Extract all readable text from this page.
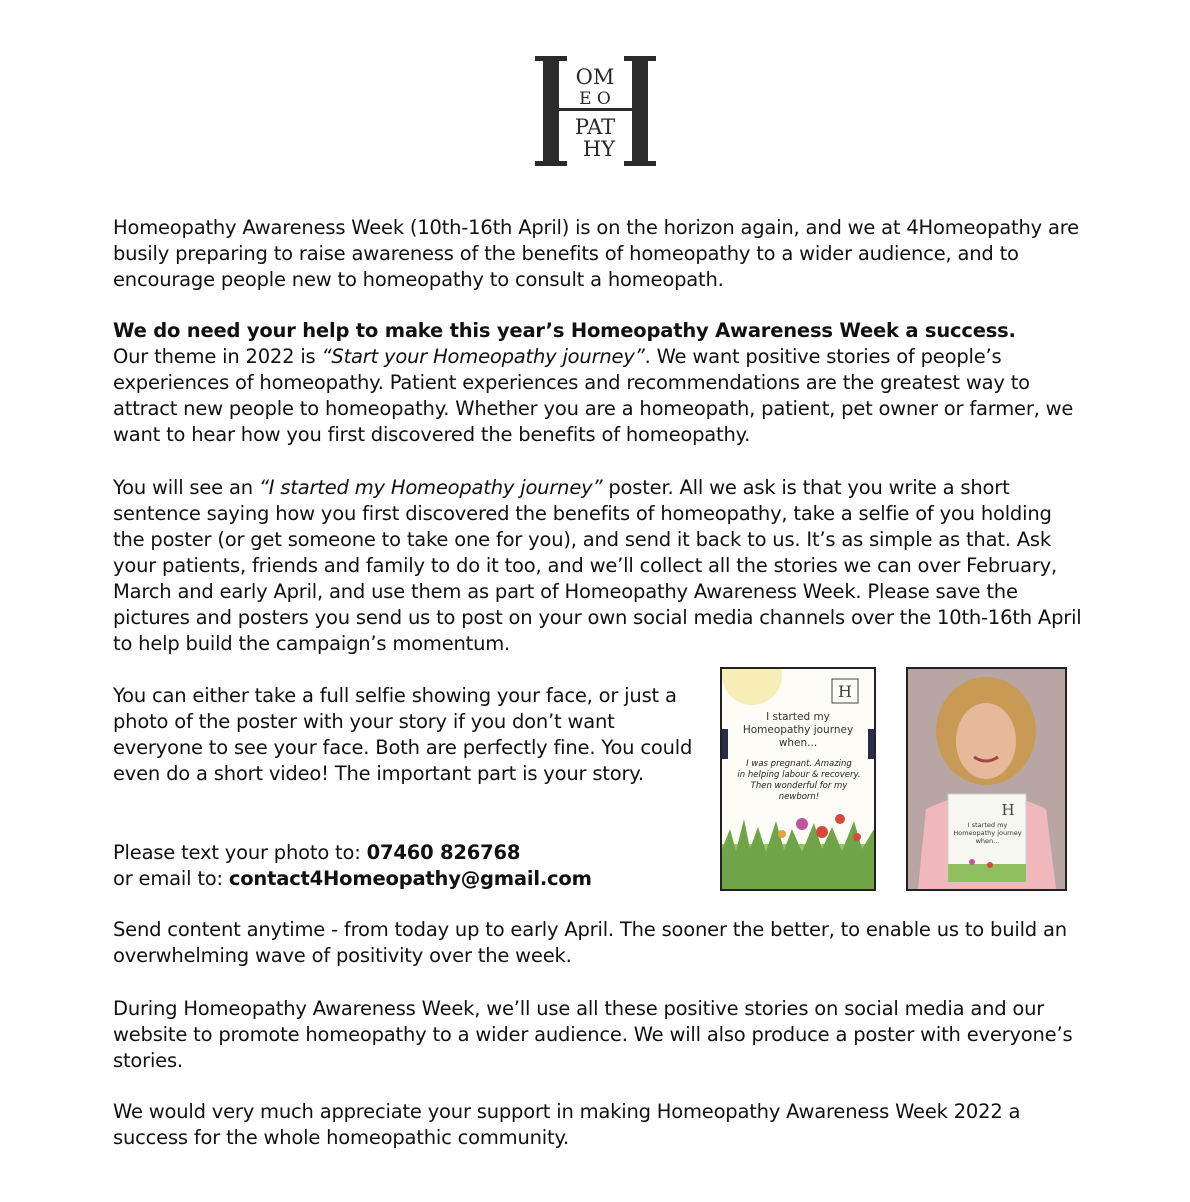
OM
E O
PAT
HY

Homeopathy Awareness Week (10th-16th April) is on the horizon again, and we at 4Homeopathy are busily preparing to raise awareness of the benefits of homeopathy to a wider audience, and to encourage people new to homeopathy to consult a homeopath.

We do need your help to make this year’s Homeopathy Awareness Week a success.

Our theme in 2022 is “Start your Homeopathy journey”. We want positive stories of people’s experiences of homeopathy. Patient experiences and recommendations are the greatest way to attract new people to homeopathy. Whether you are a homeopath, patient, pet owner or farmer, we want to hear how you first discovered the benefits of homeopathy.

You will see an “I started my Homeopathy journey” poster. All we ask is that you write a short sentence saying how you first discovered the benefits of homeopathy, take a selfie of you holding the poster (or get someone to take one for you), and send it back to us. It’s as simple as that. Ask your patients, friends and family to do it too, and we’ll collect all the stories we can over February, March and early April, and use them as part of Homeopathy Awareness Week. Please save the pictures and posters you send us to post on your own social media channels over the 10th-16th April to help build the campaign’s momentum.

You can either take a full selfie showing your face, or just a photo of the poster with your story if you don’t want everyone to see your face. Both are perfectly fine. You could even do a short video! The important part is your story.

Please text your photo to: 07460 826768

or email to: contact4Homeopathy@gmail.com

H
I started my
Homeopathy journey
when...
I was pregnant. Amazing
in helping labour & recovery.
Then wonderful for my newborn!
H
I started my
Homeopathy journey
when...

Send content anytime - from today up to early April. The sooner the better, to enable us to build an overwhelming wave of positivity over the week.

During Homeopathy Awareness Week, we’ll use all these positive stories on social media and our website to promote homeopathy to a wider audience. We will also produce a poster with everyone’s stories.

We would very much appreciate your support in making Homeopathy Awareness Week 2022 a success for the whole homeopathic community.
